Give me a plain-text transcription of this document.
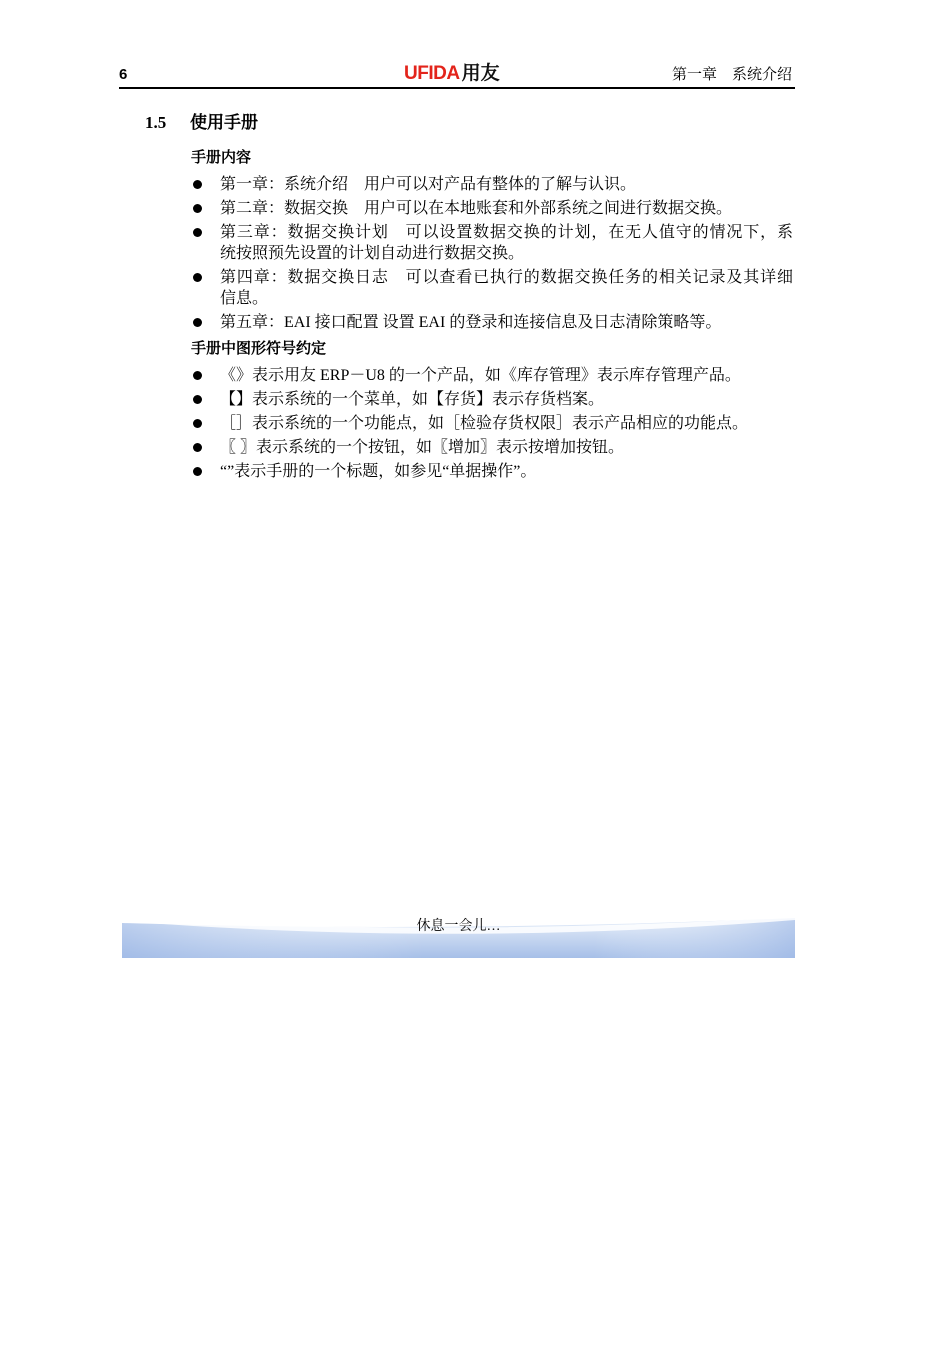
6	UFIDA 用友	第一章　系统介绍
1.5 使用手册
手册内容
第一章：系统介绍　用户可以对产品有整体的了解与认识。
第二章：数据交换　用户可以在本地账套和外部系统之间进行数据交换。
第三章：数据交换计划　可以设置数据交换的计划，在无人值守的情况下，系
统按照预先设置的计划自动进行数据交换。
第四章：数据交换日志　可以查看已执行的数据交换任务的相关记录及其详细
信息。
第五章：EAI 接口配置 设置 EAI 的登录和连接信息及日志清除策略等。
手册中图形符号约定
《》表示用友 ERP－U8 的一个产品，如《库存管理》表示库存管理产品。
【】表示系统的一个菜单，如【存货】表示存货档案。
［］表示系统的一个功能点，如［检验存货权限］表示产品相应的功能点。
〖 〗表示系统的一个按钮，如〖增加〗表示按增加按钮。
“”表示手册的一个标题，如参见“单据操作”。
休息一会儿…
